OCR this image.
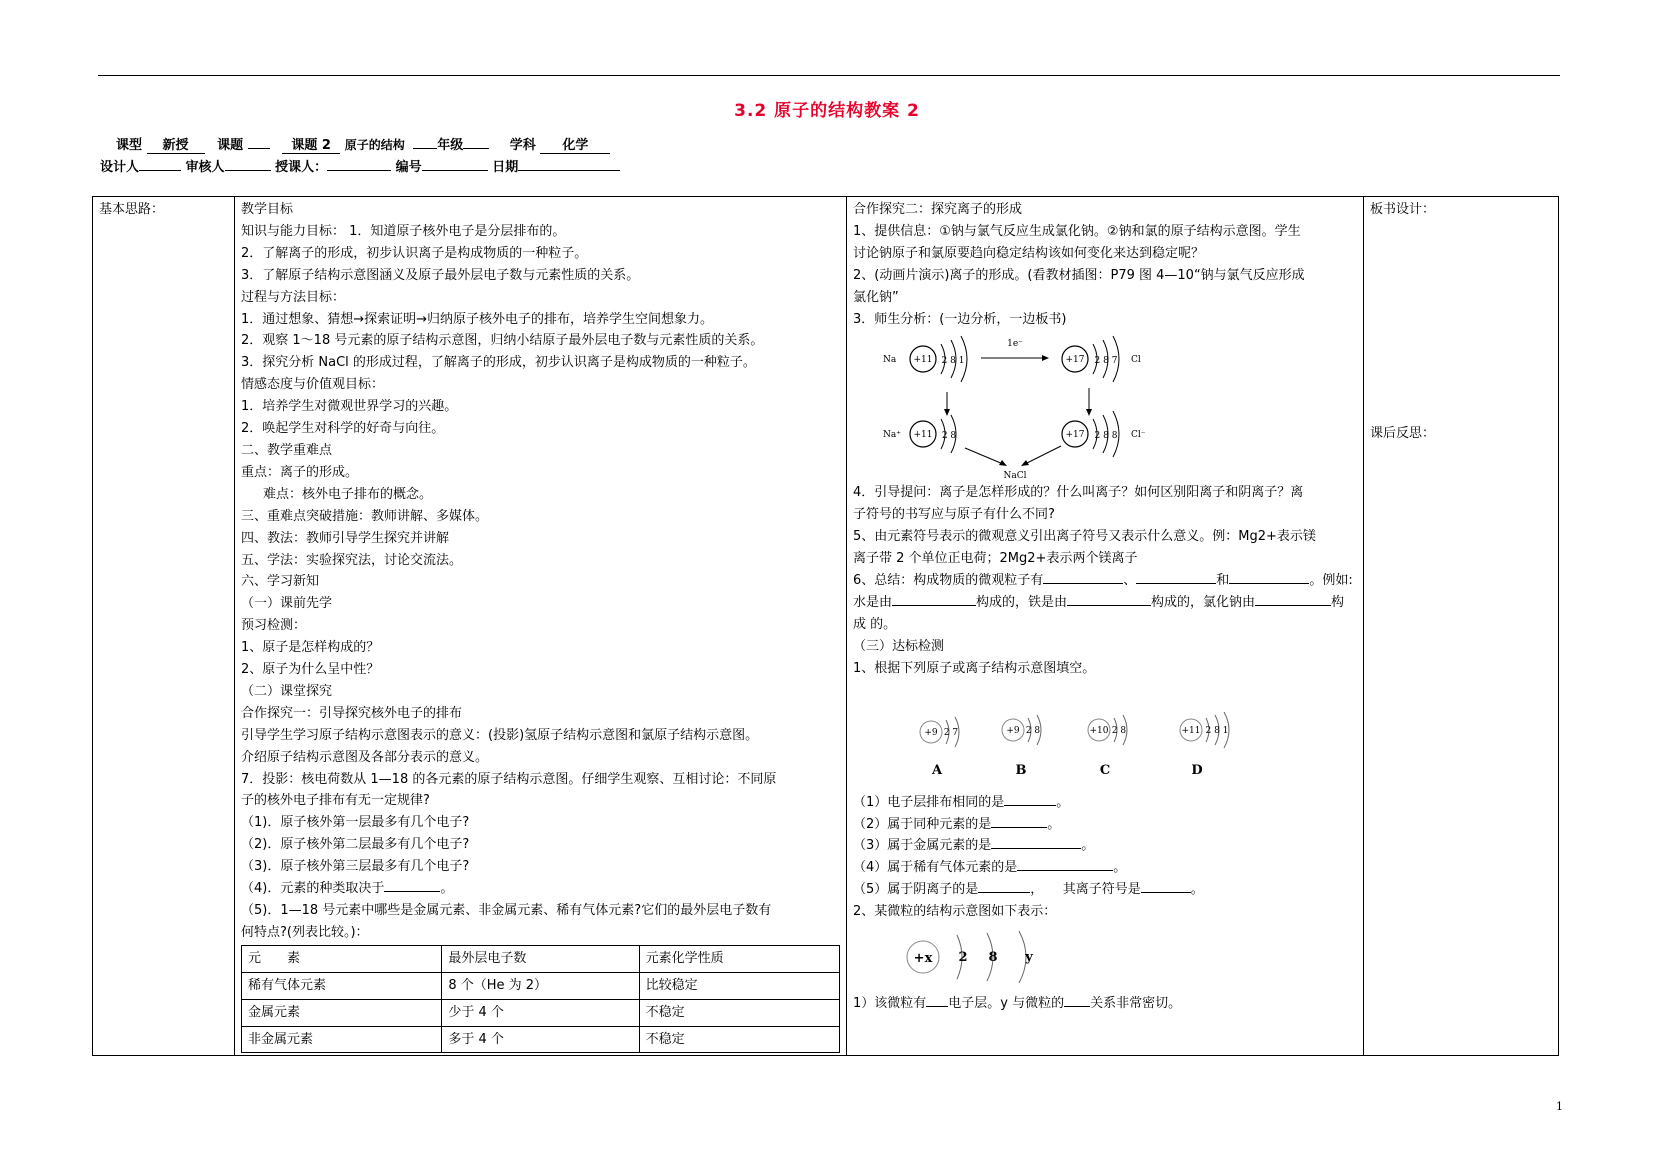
3.2 原子的结构教案 2
课型 新授 课题	课题 2 原子的结构	年级	学科 化学
设计人	审核人	授课人：	编号	日期
基本思路：	教学目标
知识与能力目标： 1．知道原子核外电子是分层排布的。
2．了解离子的形成，初步认识离子是构成物质的一种粒子。
3．了解原子结构示意图涵义及原子最外层电子数与元素性质的关系。
过程与方法目标：
1．通过想象、猜想→探索证明→归纳原子核外电子的排布，培养学生空间想象力。
2．观察 1～18 号元素的原子结构示意图，归纳小结原子最外层电子数与元素性质的关系。
3．探究分析 NaCl 的形成过程，了解离子的形成，初步认识离子是构成物质的一种粒子。
情感态度与价值观目标：
1．培养学生对微观世界学习的兴趣。
2．唤起学生对科学的好奇与向往。
二、教学重难点
重点：离子的形成。
难点：核外电子排布的概念。
三、重难点突破措施：教师讲解、多媒体。
四、教法：教师引导学生探究并讲解
五、学法：实验探究法，讨论交流法。
六、学习新知
（一）课前先学
预习检测：
1、原子是怎样构成的？
2、原子为什么呈中性？
（二）课堂探究
合作探究一：引导探究核外电子的排布
引导学生学习原子结构示意图表示的意义：(投影)氢原子结构示意图和氯原子结构示意图。
介绍原子结构示意图及各部分表示的意义。
7．投影：核电荷数从 1—18 的各元素的原子结构示意图。仔细学生观察、互相讨论：不同原
子的核外电子排布有无一定规律?
（1)．原子核外第一层最多有几个电子?
（2)．原子核外第二层最多有几个电子?
（3)．原子核外第三层最多有几个电子?
（4)．元素的种类取决于	。
（5)．1—18 号元素中哪些是金属元素、非金属元素、稀有气体元素?它们的最外层电子数有
何特点?(列表比较。)：
元　　素	最外层电子数	元素化学性质
稀有气体元素	8 个（He 为 2）	比较稳定
金属元素	少于 4 个	不稳定
非金属元素	多于 4 个	不稳定

合作探究二：探究离子的形成
1、提供信息：①钠与氯气反应生成氯化钠。②钠和氯的原子结构示意图。学生
讨论钠原子和氯原要趋向稳定结构该如何变化来达到稳定呢？
2、(动画片演示)离子的形成。(看教材插图：P79 图 4—10“钠与氯气反应形成
氯化钠”
3．师生分析：(一边分析，一边板书)
Na +11 2 8 1
1e⁻
+17 2 8 7 Cl
Na⁺ +11 2 8	+17 2 8 8 Cl⁻
NaCl
4．引导提问：离子是怎样形成的？什么叫离子？如何区别阳离子和阴离子？离
子符号的书写应与原子有什么不同?
5、由元素符号表示的微观意义引出离子符号又表示什么意义。例：Mg2+表示镁
离子带 2 个单位正电荷；2Mg2+表示两个镁离子
6、总结：构成物质的微观粒子有	、	和	。例如:
水是由	构成的，铁是由	构成的，氯化钠由	构
成 的。
（三）达标检测
1、根据下列原子或离子结构示意图填空。
+9 2 7
A
+9 2 8
B
+10 2 8
C
+11 2 8 1
D
（1）电子层排布相同的是	。
（2）属于同种元素的是	。
（3）属于金属元素的是	。
（4）属于稀有气体元素的是	。
（5）属于阴离子的是	，　　其离子符号是	。
2、某微粒的结构示意图如下表示：
+x 2 8 y
1）该微粒有 电子层。y 与微粒的 关系非常密切。

板书设计：
课后反思：
1
